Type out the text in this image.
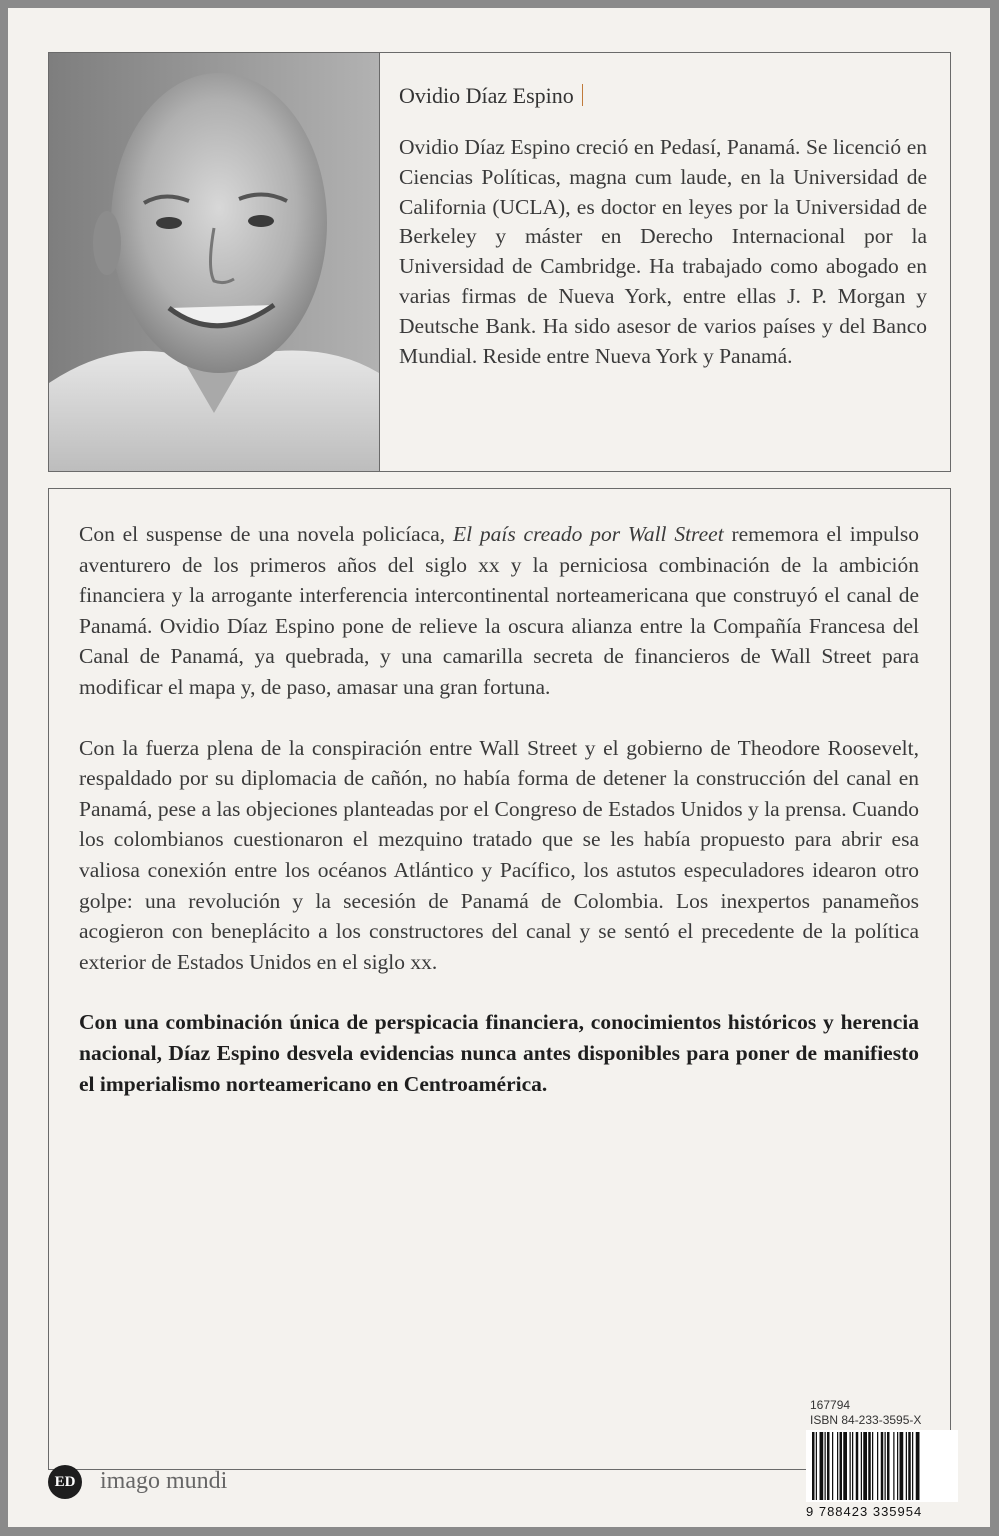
Ovidio Díaz Espino
Ovidio Díaz Espino creció en Pedasí, Panamá. Se licenció en Ciencias Políticas, magna cum laude, en la Universidad de California (UCLA), es doctor en leyes por la Universidad de Berkeley y máster en Derecho Internacional por la Universidad de Cambridge. Ha trabajado como abogado en varias firmas de Nueva York, entre ellas J. P. Morgan y Deutsche Bank. Ha sido asesor de varios países y del Banco Mundial. Reside entre Nueva York y Panamá.

Con el suspense de una novela policíaca, El país creado por Wall Street rememora el impulso aventurero de los primeros años del siglo xx y la perniciosa combinación de la ambición financiera y la arrogante interferencia intercontinental norteamericana que construyó el canal de Panamá. Ovidio Díaz Espino pone de relieve la oscura alianza entre la Compañía Francesa del Canal de Panamá, ya quebrada, y una camarilla secreta de financieros de Wall Street para modificar el mapa y, de paso, amasar una gran fortuna.

Con la fuerza plena de la conspiración entre Wall Street y el gobierno de Theodore Roosevelt, respaldado por su diplomacia de cañón, no había forma de detener la construcción del canal en Panamá, pese a las objeciones planteadas por el Congreso de Estados Unidos y la prensa. Cuando los colombianos cuestionaron el mezquino tratado que se les había propuesto para abrir esa valiosa conexión entre los océanos Atlántico y Pacífico, los astutos especuladores idearon otro golpe: una revolución y la secesión de Panamá de Colombia. Los inexpertos panameños acogieron con beneplácito a los constructores del canal y se sentó el precedente de la política exterior de Estados Unidos en el siglo xx.

Con una combinación única de perspicacia financiera, conocimientos históricos y herencia nacional, Díaz Espino desvela evidencias nunca antes disponibles para poner de manifiesto el imperialismo norteamericano en Centroamérica.

167794
ISBN 84-233-3595-X
9 788423 335954
ED imago mundi
